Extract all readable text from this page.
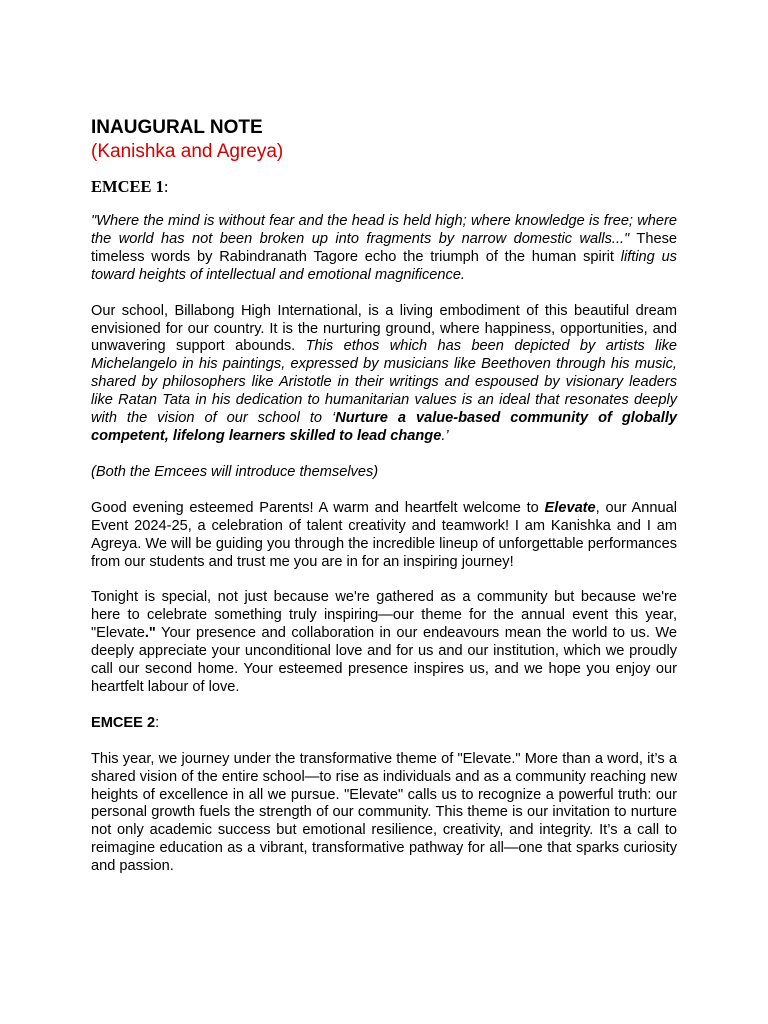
INAUGURAL NOTE
(Kanishka and Agreya)
EMCEE 1:

"Where the mind is without fear and the head is held high; where knowledge is free; where the world has not been broken up into fragments by narrow domestic walls..." These timeless words by Rabindranath Tagore echo the triumph of the human spirit lifting us toward heights of intellectual and emotional magnificence.

Our school, Billabong High International, is a living embodiment of this beautiful dream envisioned for our country. It is the nurturing ground, where happiness, opportunities, and unwavering support abounds. This ethos which has been depicted by artists like Michelangelo in his paintings, expressed by musicians like Beethoven through his music, shared by philosophers like Aristotle in their writings and espoused by visionary leaders like Ratan Tata in his dedication to humanitarian values is an ideal that resonates deeply with the vision of our school to ‘Nurture a value-based community of globally competent, lifelong learners skilled to lead change.’

(Both the Emcees will introduce themselves)

Good evening esteemed Parents! A warm and heartfelt welcome to Elevate, our Annual Event 2024-25, a celebration of talent creativity and teamwork! I am Kanishka and I am Agreya. We will be guiding you through the incredible lineup of unforgettable performances from our students and trust me you are in for an inspiring journey!

Tonight is special, not just because we're gathered as a community but because we're here to celebrate something truly inspiring—our theme for the annual event this year, "Elevate." Your presence and collaboration in our endeavours mean the world to us. We deeply appreciate your unconditional love and for us and our institution, which we proudly call our second home. Your esteemed presence inspires us, and we hope you enjoy our heartfelt labour of love.

EMCEE 2:

This year, we journey under the transformative theme of "Elevate." More than a word, it’s a shared vision of the entire school—to rise as individuals and as a community reaching new heights of excellence in all we pursue. "Elevate" calls us to recognize a powerful truth: our personal growth fuels the strength of our community. This theme is our invitation to nurture not only academic success but emotional resilience, creativity, and integrity. It’s a call to reimagine education as a vibrant, transformative pathway for all—one that sparks curiosity and passion.
